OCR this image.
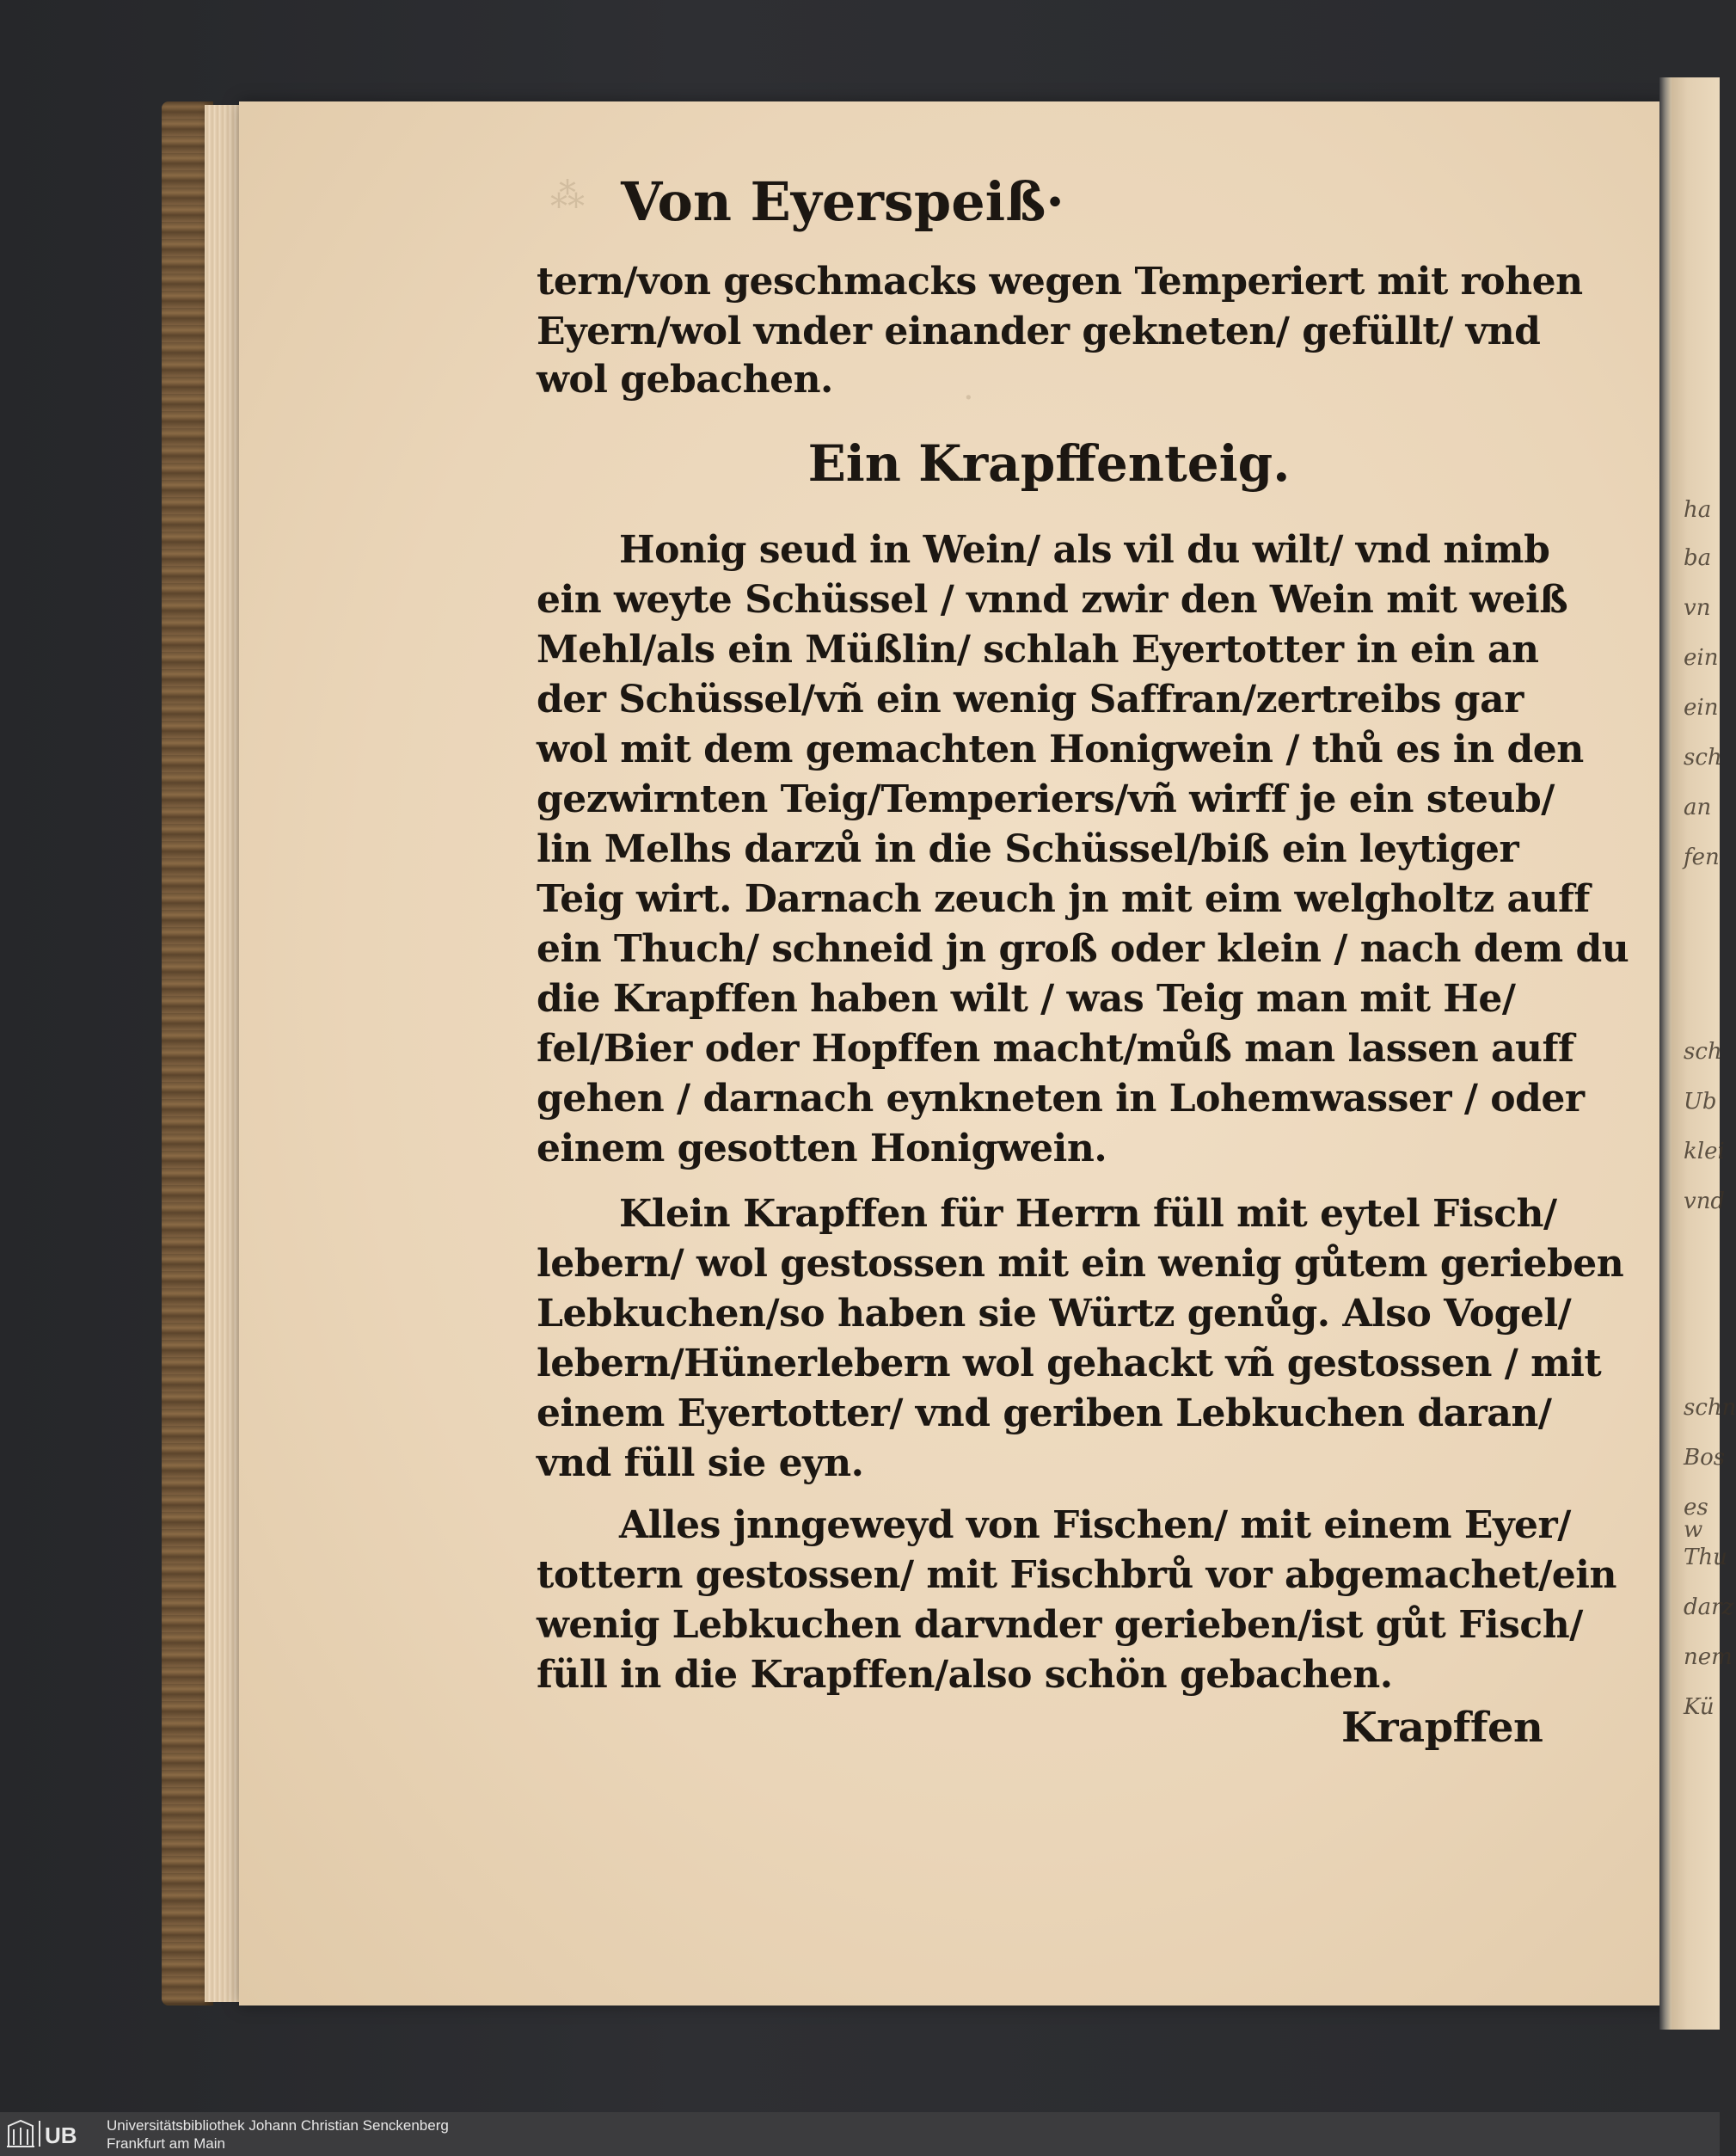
⁂
·
Von Eyerspeiß·
tern/von geschmacks wegen Temperiert mit rohen
Eyern/wol vnder einander gekneten/ gefüllt/ vnd
wol gebachen.
Ein Krapffenteig.
Honig seud in Wein/ als vil du wilt/ vnd nimb
ein weyte Schüssel / vnnd zwir den Wein mit weiß
Mehl/als ein Müßlin/ schlah Eyertotter in ein an
der Schüssel/vñ ein wenig Saffran/zertreibs gar
wol mit dem gemachten Honigwein / thů es in den
gezwirnten Teig/Temperiers/vñ wirff je ein steub/
lin Melhs darzů in die Schüssel/biß ein leytiger
Teig wirt. Darnach zeuch jn mit eim welgholtz auff
ein Thuch/ schneid jn groß oder klein / nach dem du
die Krapffen haben wilt / was Teig man mit He/
fel/Bier oder Hopffen macht/můß man lassen auff
gehen / darnach eynkneten in Lohemwasser / oder
einem gesotten Honigwein.
Klein Krapffen für Herrn füll mit eytel Fisch/
lebern/ wol gestossen mit ein wenig gůtem gerieben
Lebkuchen/so haben sie Würtz genůg. Also Vogel/
lebern/Hünerlebern wol gehackt vñ gestossen / mit
einem Eyertotter/ vnd geriben Lebkuchen daran/
vnd füll sie eyn.
Alles jnngeweyd von Fischen/ mit einem Eyer/
tottern gestossen/ mit Fischbrů vor abgemachet/ein
wenig Lebkuchen darvnder gerieben/ist gůt Fisch/
füll in die Krapffen/also schön gebachen.
Krapffen
ha
ba
vn
ein
ein
sch
an
fen
sch
Ub
klei
vnd
schn
Bos
es w
Thu
darz
nem
Kü
UB Universitätsbibliothek Johann Christian Senckenberg
Frankfurt am Main
